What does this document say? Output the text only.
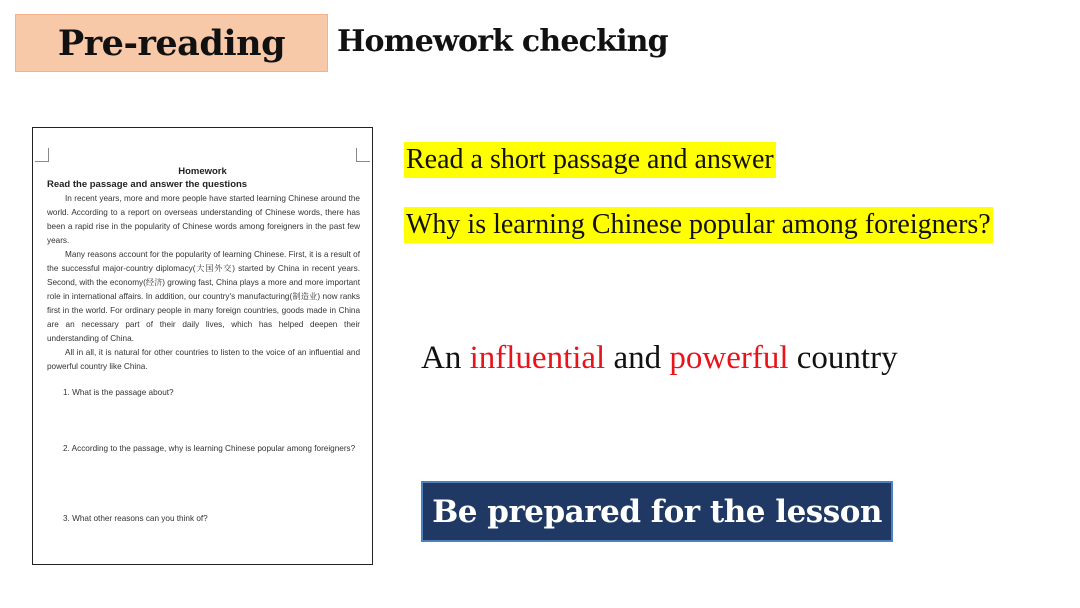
Pre-reading	Homework checking
Homework
Read the passage and answer the questions

In recent years, more and more people have started learning Chinese around the world. According to a report on overseas understanding of Chinese words, there has been a rapid rise in the popularity of Chinese words among foreigners in the past few years.

Many reasons account for the popularity of learning Chinese. First, it is a result of the successful major-country diplomacy(大国外交) started by China in recent years. Second, with the economy(经济) growing fast, China plays a more and more important role in international affairs. In addition, our country's manufacturing(制造业) now ranks first in the world. For ordinary people in many foreign countries, goods made in China are an necessary part of their daily lives, which has helped deepen their understanding of China.

All in all, it is natural for other countries to listen to the voice of an influential and powerful country like China.

1. What is the passage about?
2. According to the passage, why is learning Chinese popular among foreigners?
3. What other reasons can you think of?
Read a short passage and answer
Why is learning Chinese popular among foreigners?
An influential and powerful country
Be prepared for the lesson
